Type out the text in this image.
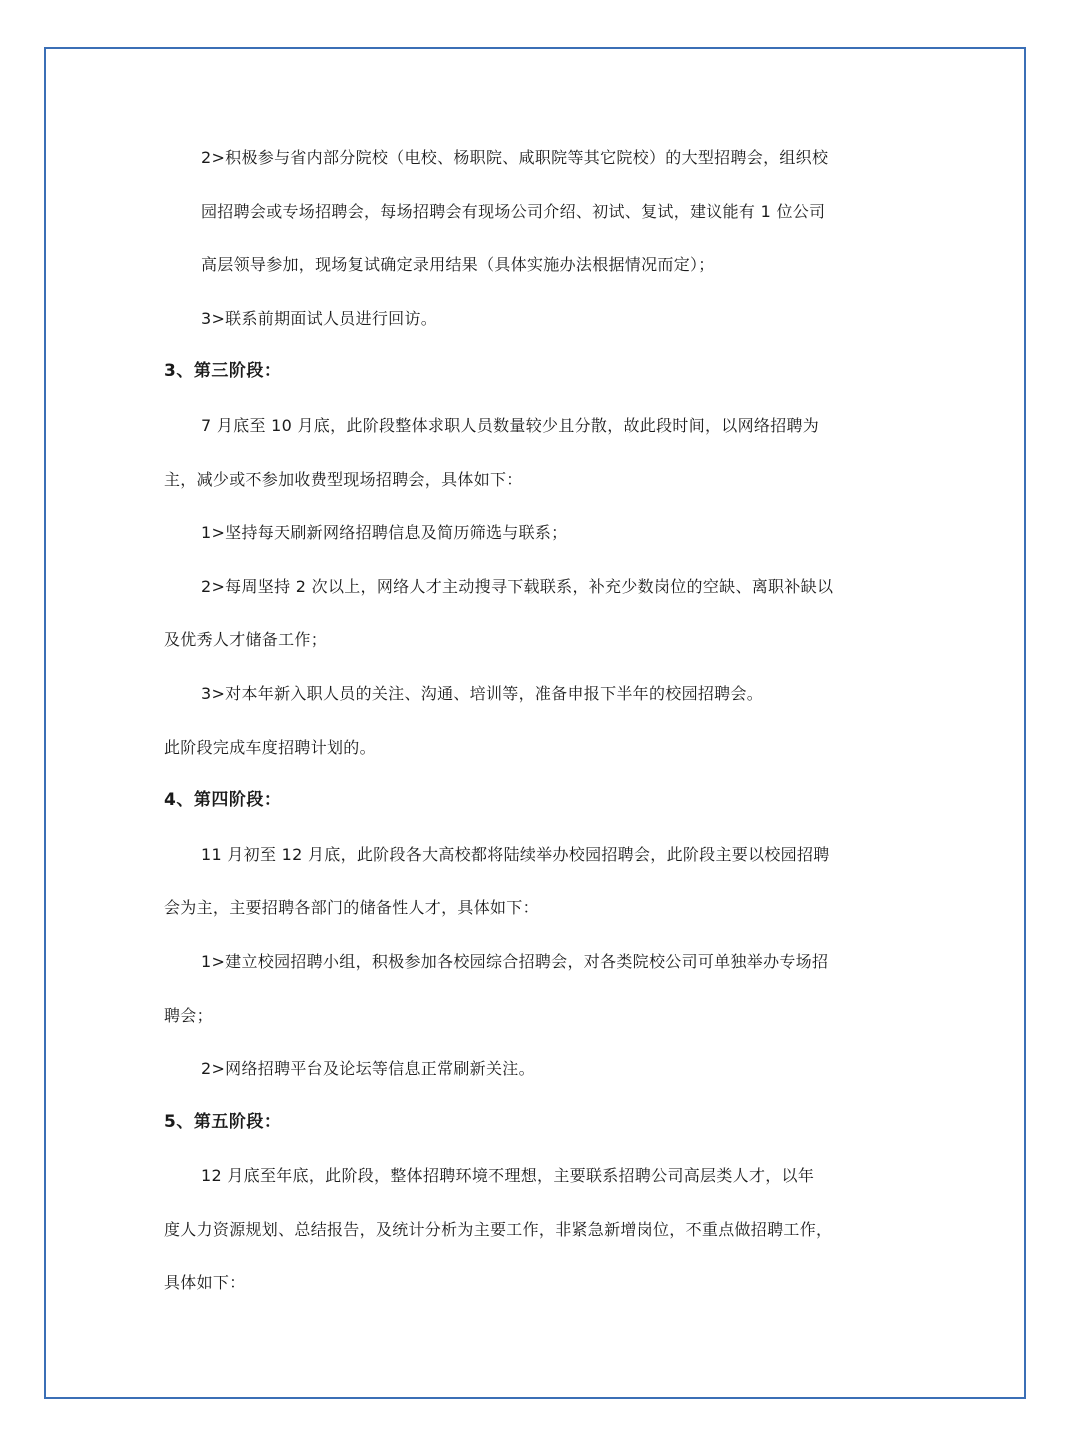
2>积极参与省内部分院校（电校、杨职院、咸职院等其它院校）的大型招聘会，组织校
园招聘会或专场招聘会，每场招聘会有现场公司介绍、初试、复试，建议能有 1 位公司
高层领导参加，现场复试确定录用结果（具体实施办法根据情况而定）；
3>联系前期面试人员进行回访。
3、第三阶段：
7 月底至 10 月底，此阶段整体求职人员数量较少且分散，故此段时间，以网络招聘为
主，减少或不参加收费型现场招聘会，具体如下：
1>坚持每天刷新网络招聘信息及简历筛选与联系；
2>每周坚持 2 次以上，网络人才主动搜寻下载联系，补充少数岗位的空缺、离职补缺以
及优秀人才储备工作；
3>对本年新入职人员的关注、沟通、培训等，准备申报下半年的校园招聘会。
此阶段完成车度招聘计划的。
4、第四阶段：
11 月初至 12 月底，此阶段各大高校都将陆续举办校园招聘会，此阶段主要以校园招聘
会为主，主要招聘各部门的储备性人才，具体如下：
1>建立校园招聘小组，积极参加各校园综合招聘会，对各类院校公司可单独举办专场招
聘会；
2>网络招聘平台及论坛等信息正常刷新关注。
5、第五阶段：
12 月底至年底，此阶段，整体招聘环境不理想，主要联系招聘公司高层类人才，以年
度人力资源规划、总结报告，及统计分析为主要工作，非紧急新增岗位，不重点做招聘工作，
具体如下：
